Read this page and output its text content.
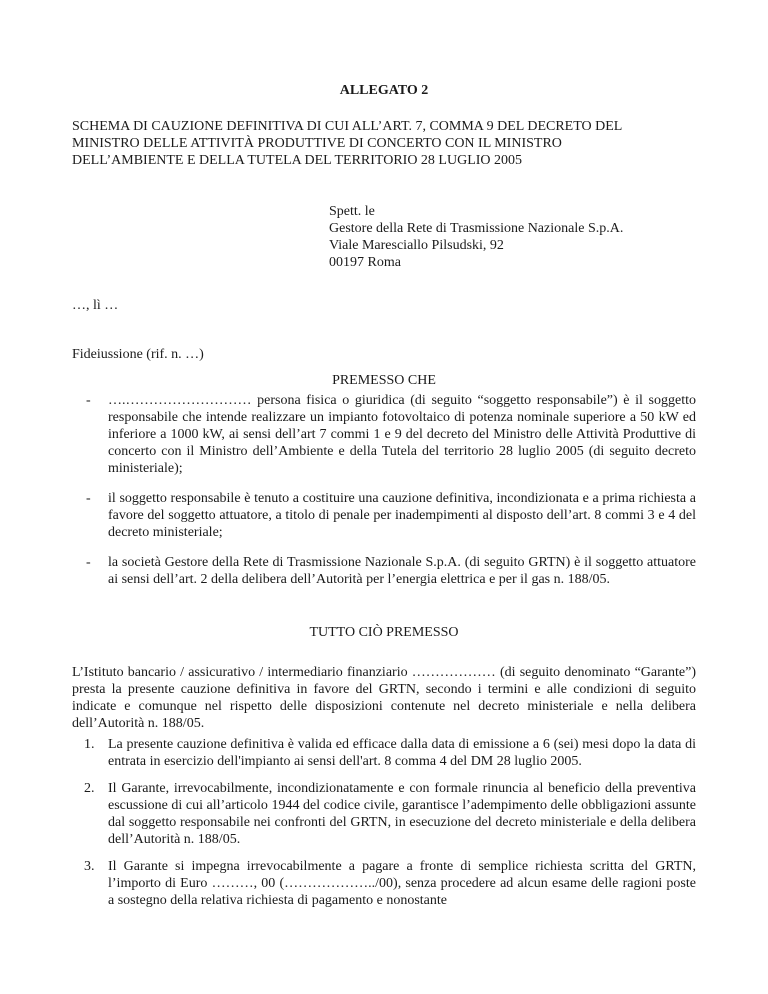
ALLEGATO 2
SCHEMA DI CAUZIONE DEFINITIVA DI CUI ALL’ART. 7, COMMA 9 DEL DECRETO DEL
MINISTRO DELLE ATTIVITÀ PRODUTTIVE DI CONCERTO CON IL MINISTRO
DELL’AMBIENTE E DELLA TUTELA DEL TERRITORIO 28 LUGLIO 2005
Spett. le
Gestore della Rete di Trasmissione Nazionale S.p.A.
Viale Maresciallo Pilsudski, 92
00197 Roma
…, lì …
Fideiussione (rif. n. …)
PREMESSO CHE
- ….……………………… persona fisica o giuridica (di seguito “soggetto responsabile”) è il soggetto responsabile che intende realizzare un impianto fotovoltaico di potenza nominale superiore a 50 kW ed inferiore a 1000 kW, ai sensi dell’art 7 commi 1 e 9 del decreto del Ministro delle Attività Produttive di concerto con il Ministro dell’Ambiente e della Tutela del territorio 28 luglio 2005 (di seguito decreto ministeriale);
- il soggetto responsabile è tenuto a costituire una cauzione definitiva, incondizionata e a prima richiesta a favore del soggetto attuatore, a titolo di penale per inadempimenti al disposto dell’art. 8 commi 3 e 4 del decreto ministeriale;
- la società Gestore della Rete di Trasmissione Nazionale S.p.A. (di seguito GRTN) è il soggetto attuatore ai sensi dell’art. 2 della delibera dell’Autorità per l’energia elettrica e per il gas n. 188/05.
TUTTO CIÒ PREMESSO
L’Istituto bancario / assicurativo / intermediario finanziario ……………… (di seguito denominato “Garante”) presta la presente cauzione definitiva in favore del GRTN, secondo i termini e alle condizioni di seguito indicate e comunque nel rispetto delle disposizioni contenute nel decreto ministeriale e nella delibera dell’Autorità n. 188/05.
1. La presente cauzione definitiva è valida ed efficace dalla data di emissione a 6 (sei) mesi dopo la data di entrata in esercizio dell'impianto ai sensi dell'art. 8 comma 4 del DM 28 luglio 2005.
2. Il Garante, irrevocabilmente, incondizionatamente e con formale rinuncia al beneficio della preventiva escussione di cui all’articolo 1944 del codice civile, garantisce l’adempimento delle obbligazioni assunte dal soggetto responsabile nei confronti del GRTN, in esecuzione del decreto ministeriale e della delibera dell’Autorità n. 188/05.
3. Il Garante si impegna irrevocabilmente a pagare a fronte di semplice richiesta scritta del GRTN, l’importo di Euro ………, 00 (………………../00), senza procedere ad alcun esame delle ragioni poste a sostegno della relativa richiesta di pagamento e nonostante
